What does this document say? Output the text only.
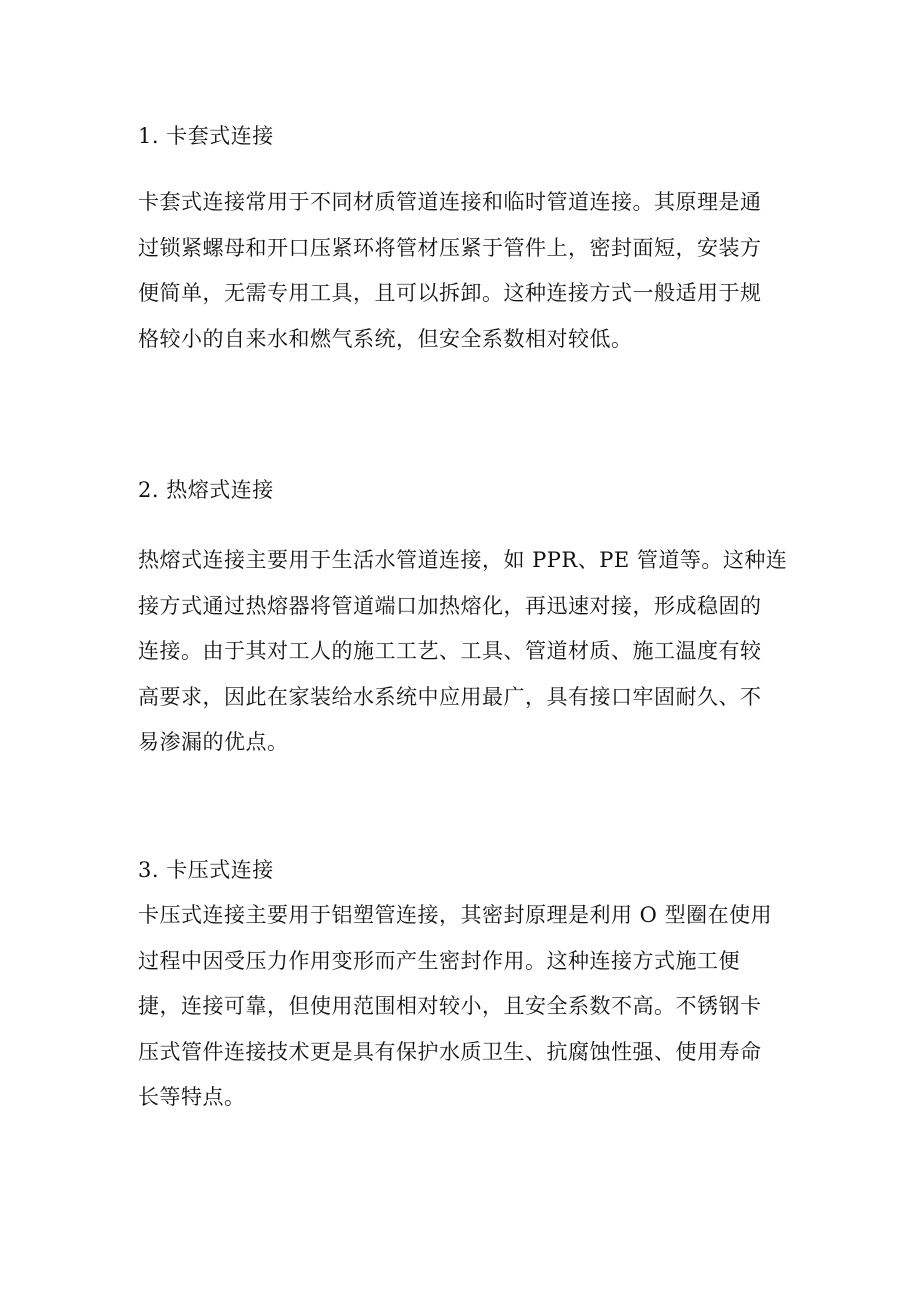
1. 卡套式连接
卡套式连接常用于不同材质管道连接和临时管道连接。其原理是通
过锁紧螺母和开口压紧环将管材压紧于管件上，密封面短，安装方
便简单，无需专用工具，且可以拆卸。这种连接方式一般适用于规
格较小的自来水和燃气系统，但安全系数相对较低。
2. 热熔式连接
热熔式连接主要用于生活水管道连接，如 PPR、PE 管道等。这种连
接方式通过热熔器将管道端口加热熔化，再迅速对接，形成稳固的
连接。由于其对工人的施工工艺、工具、管道材质、施工温度有较
高要求，因此在家装给水系统中应用最广，具有接口牢固耐久、不
易渗漏的优点。
3. 卡压式连接
卡压式连接主要用于铝塑管连接，其密封原理是利用 O 型圈在使用
过程中因受压力作用变形而产生密封作用。这种连接方式施工便
捷，连接可靠，但使用范围相对较小，且安全系数不高。不锈钢卡
压式管件连接技术更是具有保护水质卫生、抗腐蚀性强、使用寿命
长等特点。
